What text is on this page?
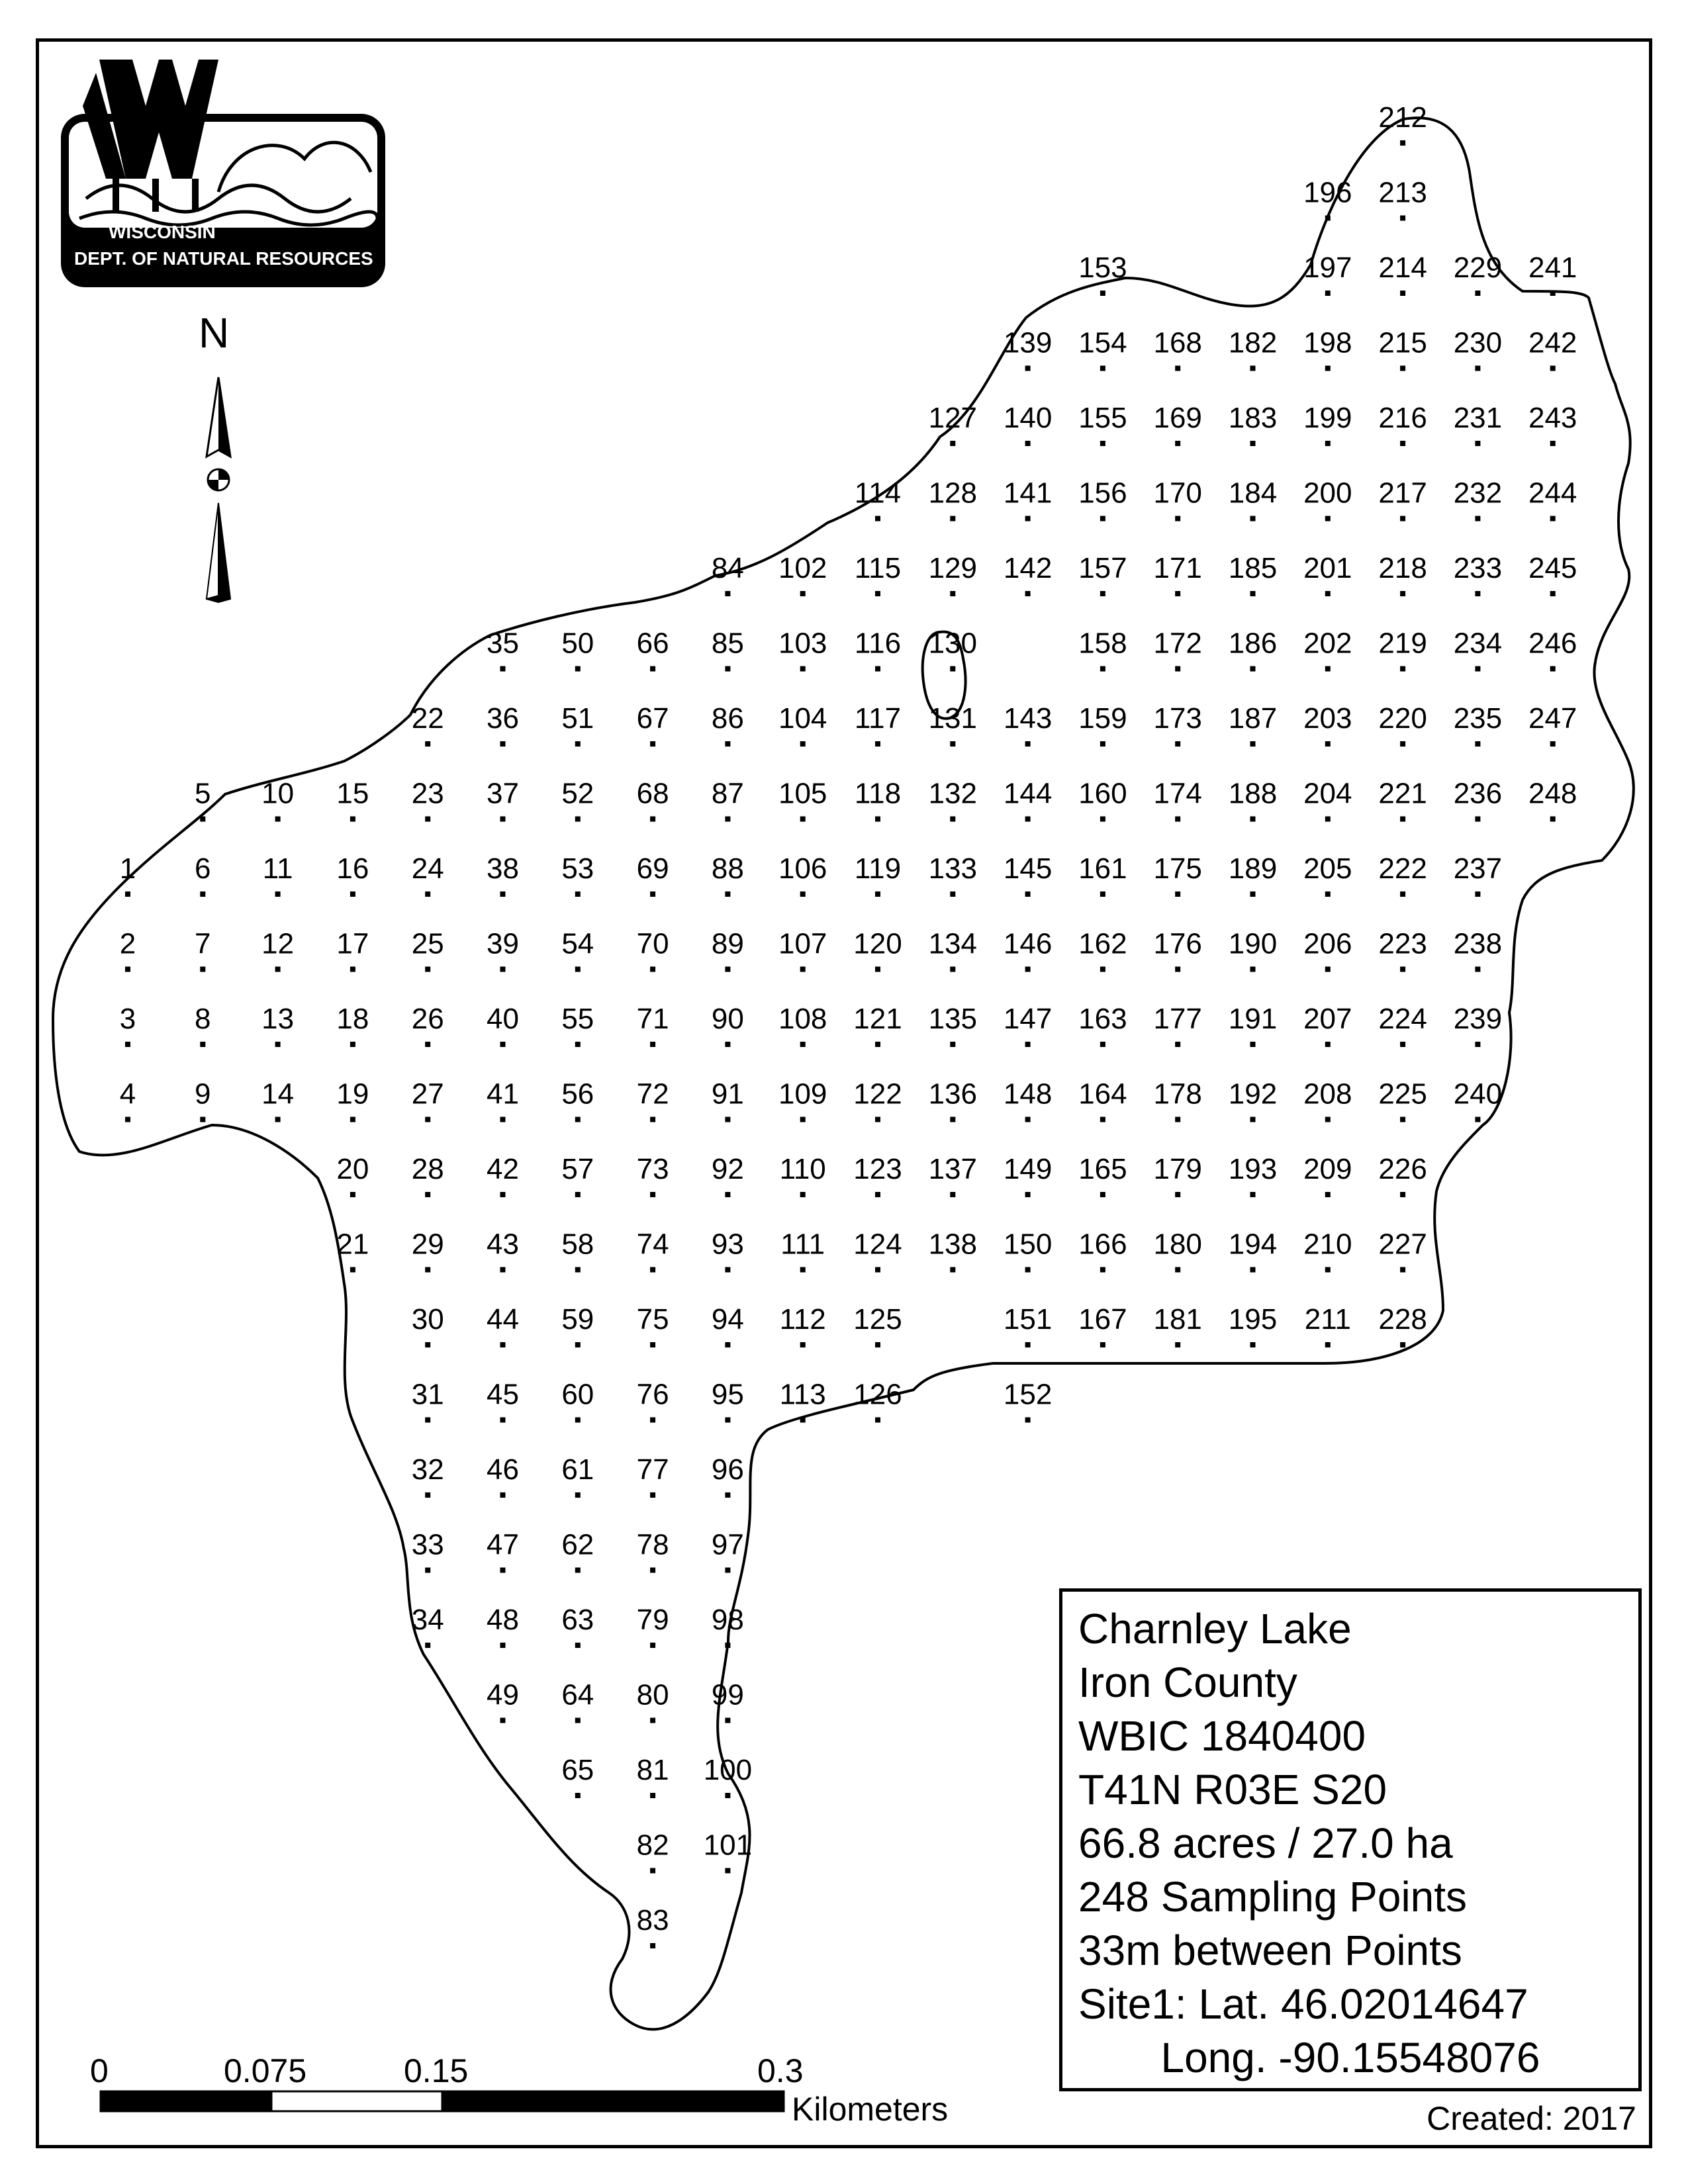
1
2
3
4
5
6
7
8
9
10
11
12
13
14
15
16
17
18
19
20
21
22
23
24
25
26
27
28
29
30
31
32
33
34
35
36
37
38
39
40
41
42
43
44
45
46
47
48
49
50
51
52
53
54
55
56
57
58
59
60
61
62
63
64
65
66
67
68
69
70
71
72
73
74
75
76
77
78
79
80
81
82
83
84
85
86
87
88
89
90
91
92
93
94
95
96
97
98
99
100
101
102
103
104
105
106
107
108
109
110
111
112
113
114
115
116
117
118
119
120
121
122
123
124
125
126
127
128
129
130
131
132
133
134
135
136
137
138
139
140
141
142
143
144
145
146
147
148
149
150
151
152
153
154
155
156
157
158
159
160
161
162
163
164
165
166
167
168
169
170
171
172
173
174
175
176
177
178
179
180
181
182
183
184
185
186
187
188
189
190
191
192
193
194
195
196
197
198
199
200
201
202
203
204
205
206
207
208
209
210
211
212
213
214
215
216
217
218
219
220
221
222
223
224
225
226
227
228
229
230
231
232
233
234
235
236
237
238
239
240
241
242
243
244
245
246
247
248
WISCONSIN
DEPT. OF NATURAL RESOURCES
N
0	0.075	0.15	0.3
Kilometers
Charnley Lake
Iron County
WBIC 1840400
T41N R03E S20
66.8 acres / 27.0 ha
248 Sampling Points
33m between Points
Site1: Lat. 46.02014647
Long. -90.15548076
Created: 2017
